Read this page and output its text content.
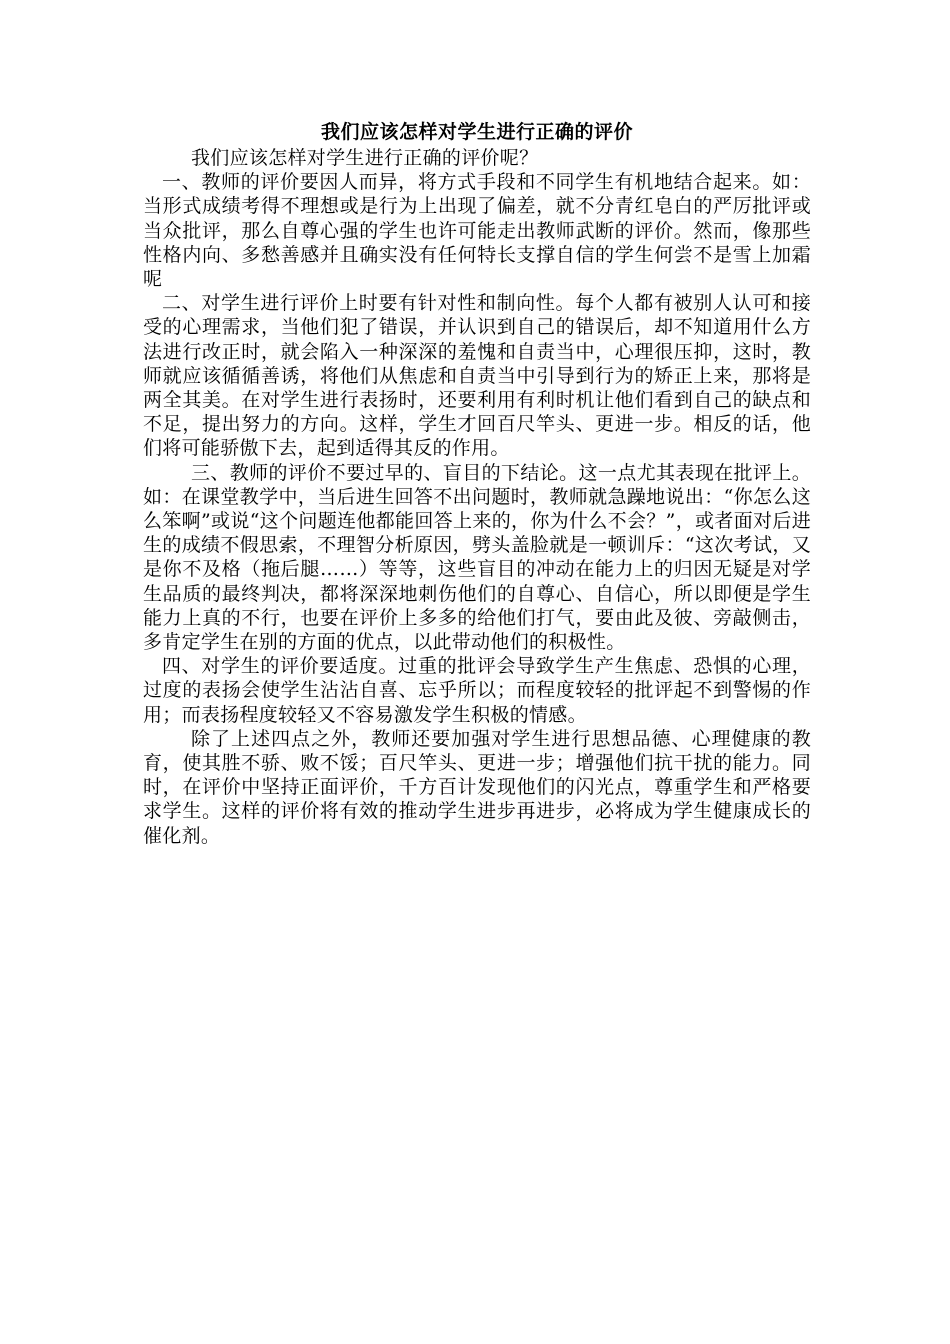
我们应该怎样对学生进行正确的评价

我们应该怎样对学生进行正确的评价呢？

一、教师的评价要因人而异，将方式手段和不同学生有机地结合起来。如：当形式成绩考得不理想或是行为上出现了偏差，就不分青红皂白的严厉批评或当众批评，那么自尊心强的学生也许可能走出教师武断的评价。然而，像那些性格内向、多愁善感并且确实没有任何特长支撑自信的学生何尝不是雪上加霜呢

二、对学生进行评价上时要有针对性和制向性。每个人都有被别人认可和接受的心理需求，当他们犯了错误，并认识到自己的错误后，却不知道用什么方法进行改正时，就会陷入一种深深的羞愧和自责当中，心理很压抑，这时，教师就应该循循善诱，将他们从焦虑和自责当中引导到行为的矫正上来，那将是两全其美。在对学生进行表扬时，还要利用有利时机让他们看到自己的缺点和不足，提出努力的方向。这样，学生才回百尺竿头、更进一步。相反的话，他们将可能骄傲下去，起到适得其反的作用。

三、教师的评价不要过早的、盲目的下结论。这一点尤其表现在批评上。如：在课堂教学中，当后进生回答不出问题时，教师就急躁地说出：“你怎么这么笨啊”或说“这个问题连他都能回答上来的，你为什么不会？”，或者面对后进生的成绩不假思索，不理智分析原因，劈头盖脸就是一顿训斥：“这次考试，又是你不及格（拖后腿……）等等，这些盲目的冲动在能力上的归因无疑是对学生品质的最终判决，都将深深地刺伤他们的自尊心、自信心，所以即便是学生能力上真的不行，也要在评价上多多的给他们打气，要由此及彼、旁敲侧击，多肯定学生在别的方面的优点，以此带动他们的积极性。

四、对学生的评价要适度。过重的批评会导致学生产生焦虑、恐惧的心理，过度的表扬会使学生沾沾自喜、忘乎所以；而程度较轻的批评起不到警惕的作用；而表扬程度较轻又不容易激发学生积极的情感。

除了上述四点之外，教师还要加强对学生进行思想品德、心理健康的教育，使其胜不骄、败不馁；百尺竿头、更进一步；增强他们抗干扰的能力。同时，在评价中坚持正面评价，千方百计发现他们的闪光点，尊重学生和严格要求学生。这样的评价将有效的推动学生进步再进步，必将成为学生健康成长的催化剂。
